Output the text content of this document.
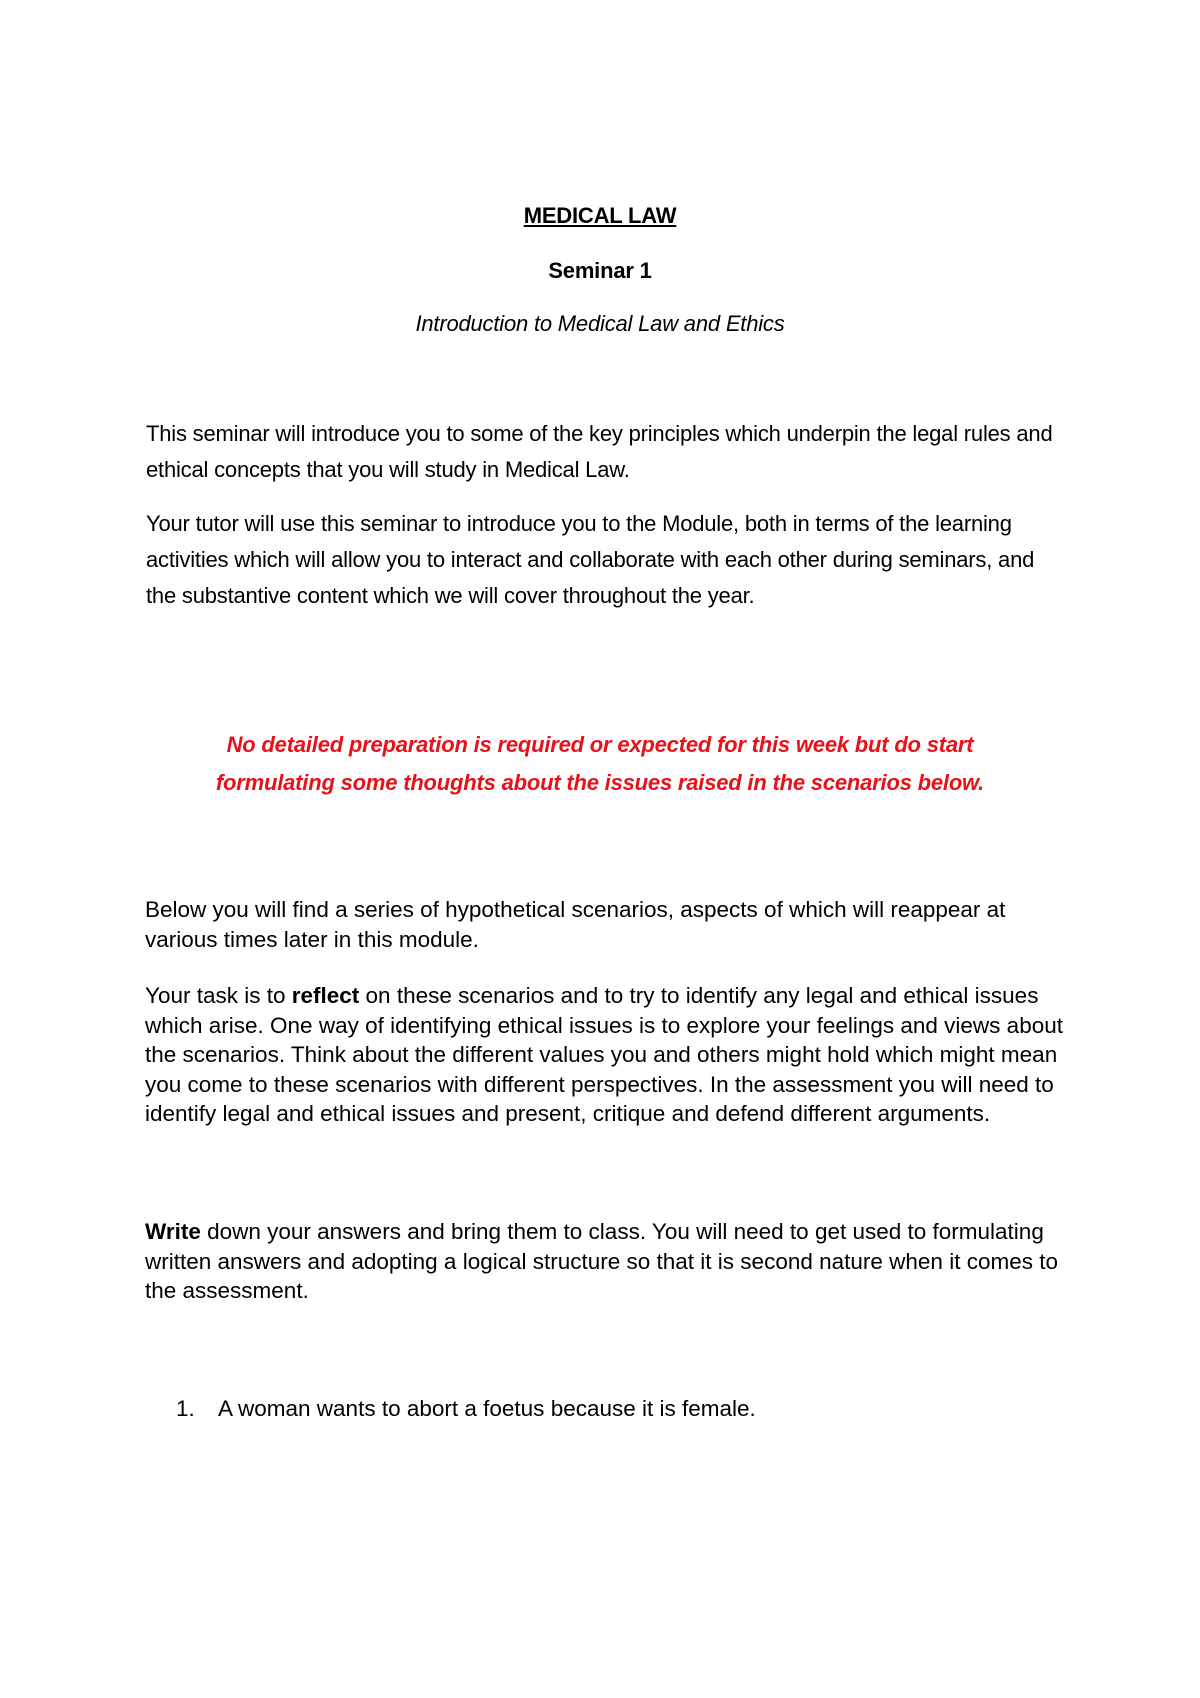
MEDICAL LAW
Seminar 1
Introduction to Medical Law and Ethics

This seminar will introduce you to some of the key principles which underpin the legal rules and ethical concepts that you will study in Medical Law.

Your tutor will use this seminar to introduce you to the Module, both in terms of the learning activities which will allow you to interact and collaborate with each other during seminars, and the substantive content which we will cover throughout the year.

No detailed preparation is required or expected for this week but do start
formulating some thoughts about the issues raised in the scenarios below.

Below you will find a series of hypothetical scenarios, aspects of which will reappear at various times later in this module.

Your task is to reflect on these scenarios and to try to identify any legal and ethical issues which arise. One way of identifying ethical issues is to explore your feelings and views about the scenarios. Think about the different values you and others might hold which might mean you come to these scenarios with different perspectives. In the assessment you will need to identify legal and ethical issues and present, critique and defend different arguments.

Write down your answers and bring them to class. You will need to get used to formulating written answers and adopting a logical structure so that it is second nature when it comes to the assessment.

1. A woman wants to abort a foetus because it is female.
